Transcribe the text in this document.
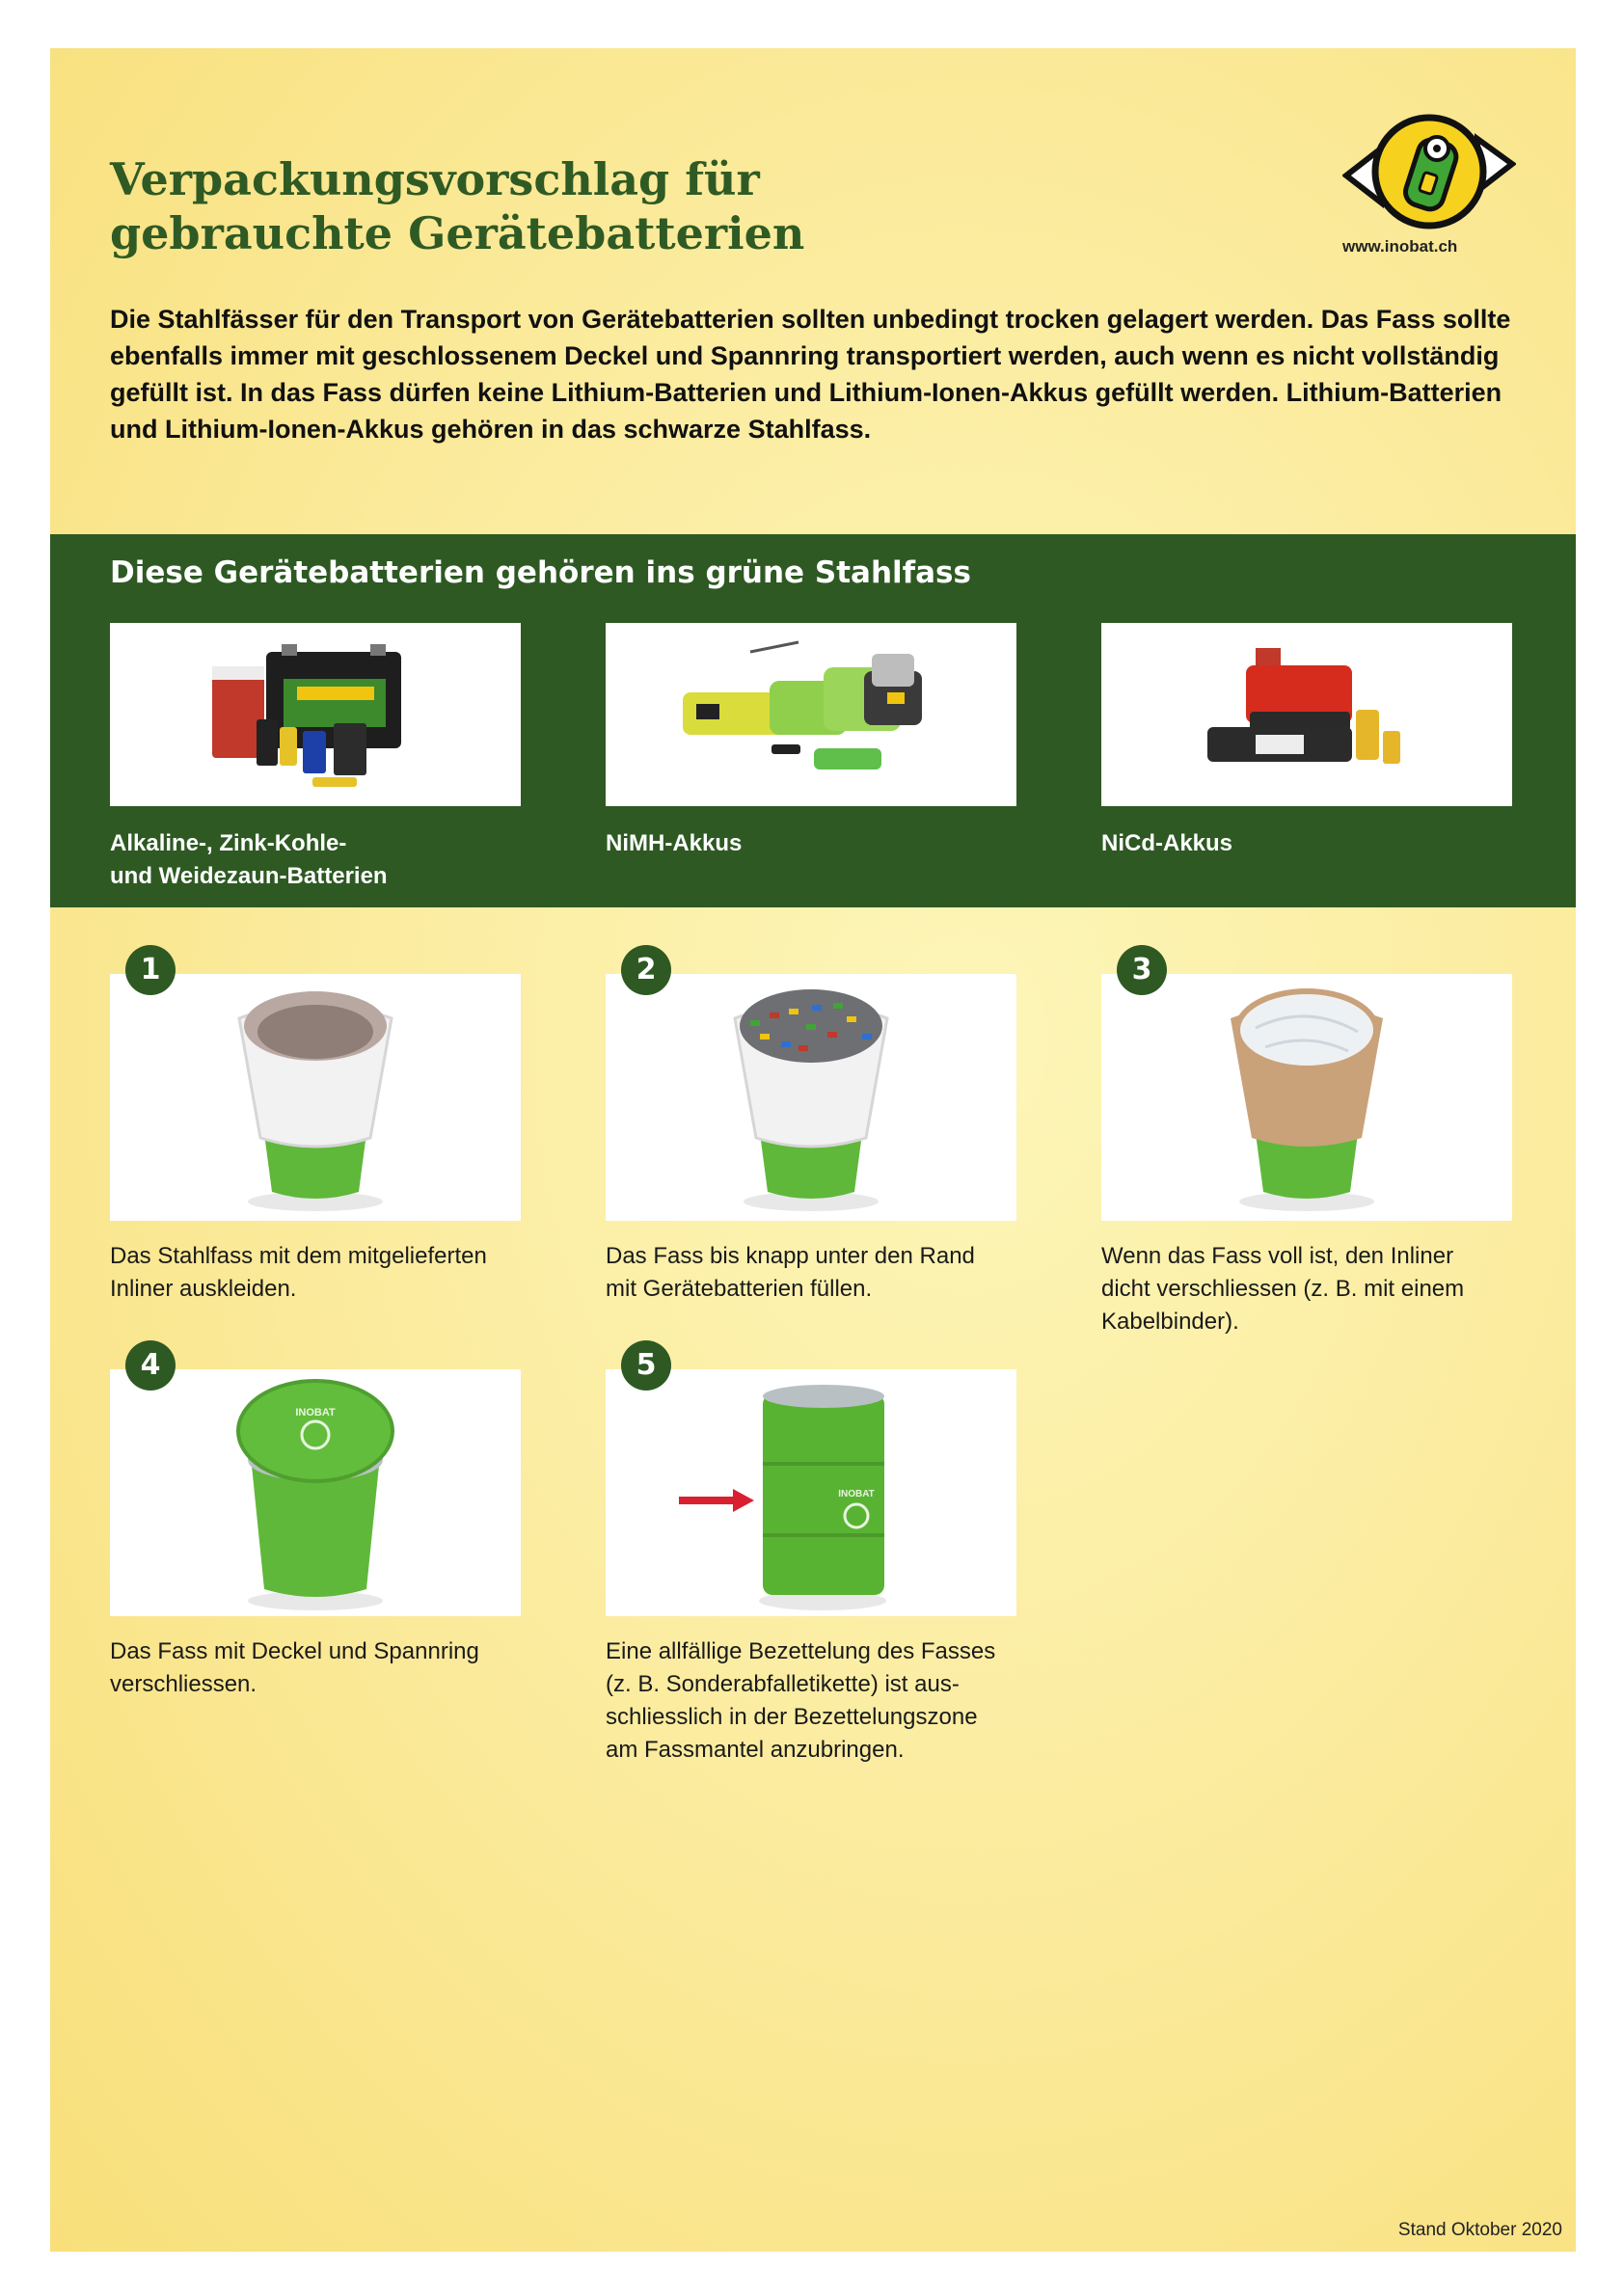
Verpackungsvorschlag für
gebrauchte Gerätebatterien	www.inobat.ch

Die Stahlfässer für den Transport von Gerätebatterien sollten unbedingt trocken gelagert werden. Das Fass sollte ebenfalls immer mit geschlossenem Deckel und Spannring transportiert werden, auch wenn es nicht vollständig gefüllt ist. In das Fass dürfen keine Lithium-Batterien und Lithium-Ionen-Akkus gefüllt werden. Lithium-Batterien und Lithium-Ionen-Akkus gehören in das schwarze Stahlfass.

Diese Gerätebatterien gehören ins grüne Stahlfass
Alkaline-, Zink-Kohle-
und Weidezaun-Batterien
NiMH-Akkus	NiCd-Akkus
1
Das Stahlfass mit dem mitgelieferten
Inliner auskleiden.
2
Das Fass bis knapp unter den Rand
mit Gerätebatterien füllen.
3
Wenn das Fass voll ist, den Inliner
dicht verschliessen (z. B. mit einem
Kabelbinder).
INOBAT
4
Das Fass mit Deckel und Spannring
verschliessen.
INOBAT
5
Eine allfällige Bezettelung des Fasses
(z. B. Sonderabfalletikette) ist aus-
schliesslich in der Bezettelungszone
am Fassmantel anzubringen.
Stand Oktober 2020
